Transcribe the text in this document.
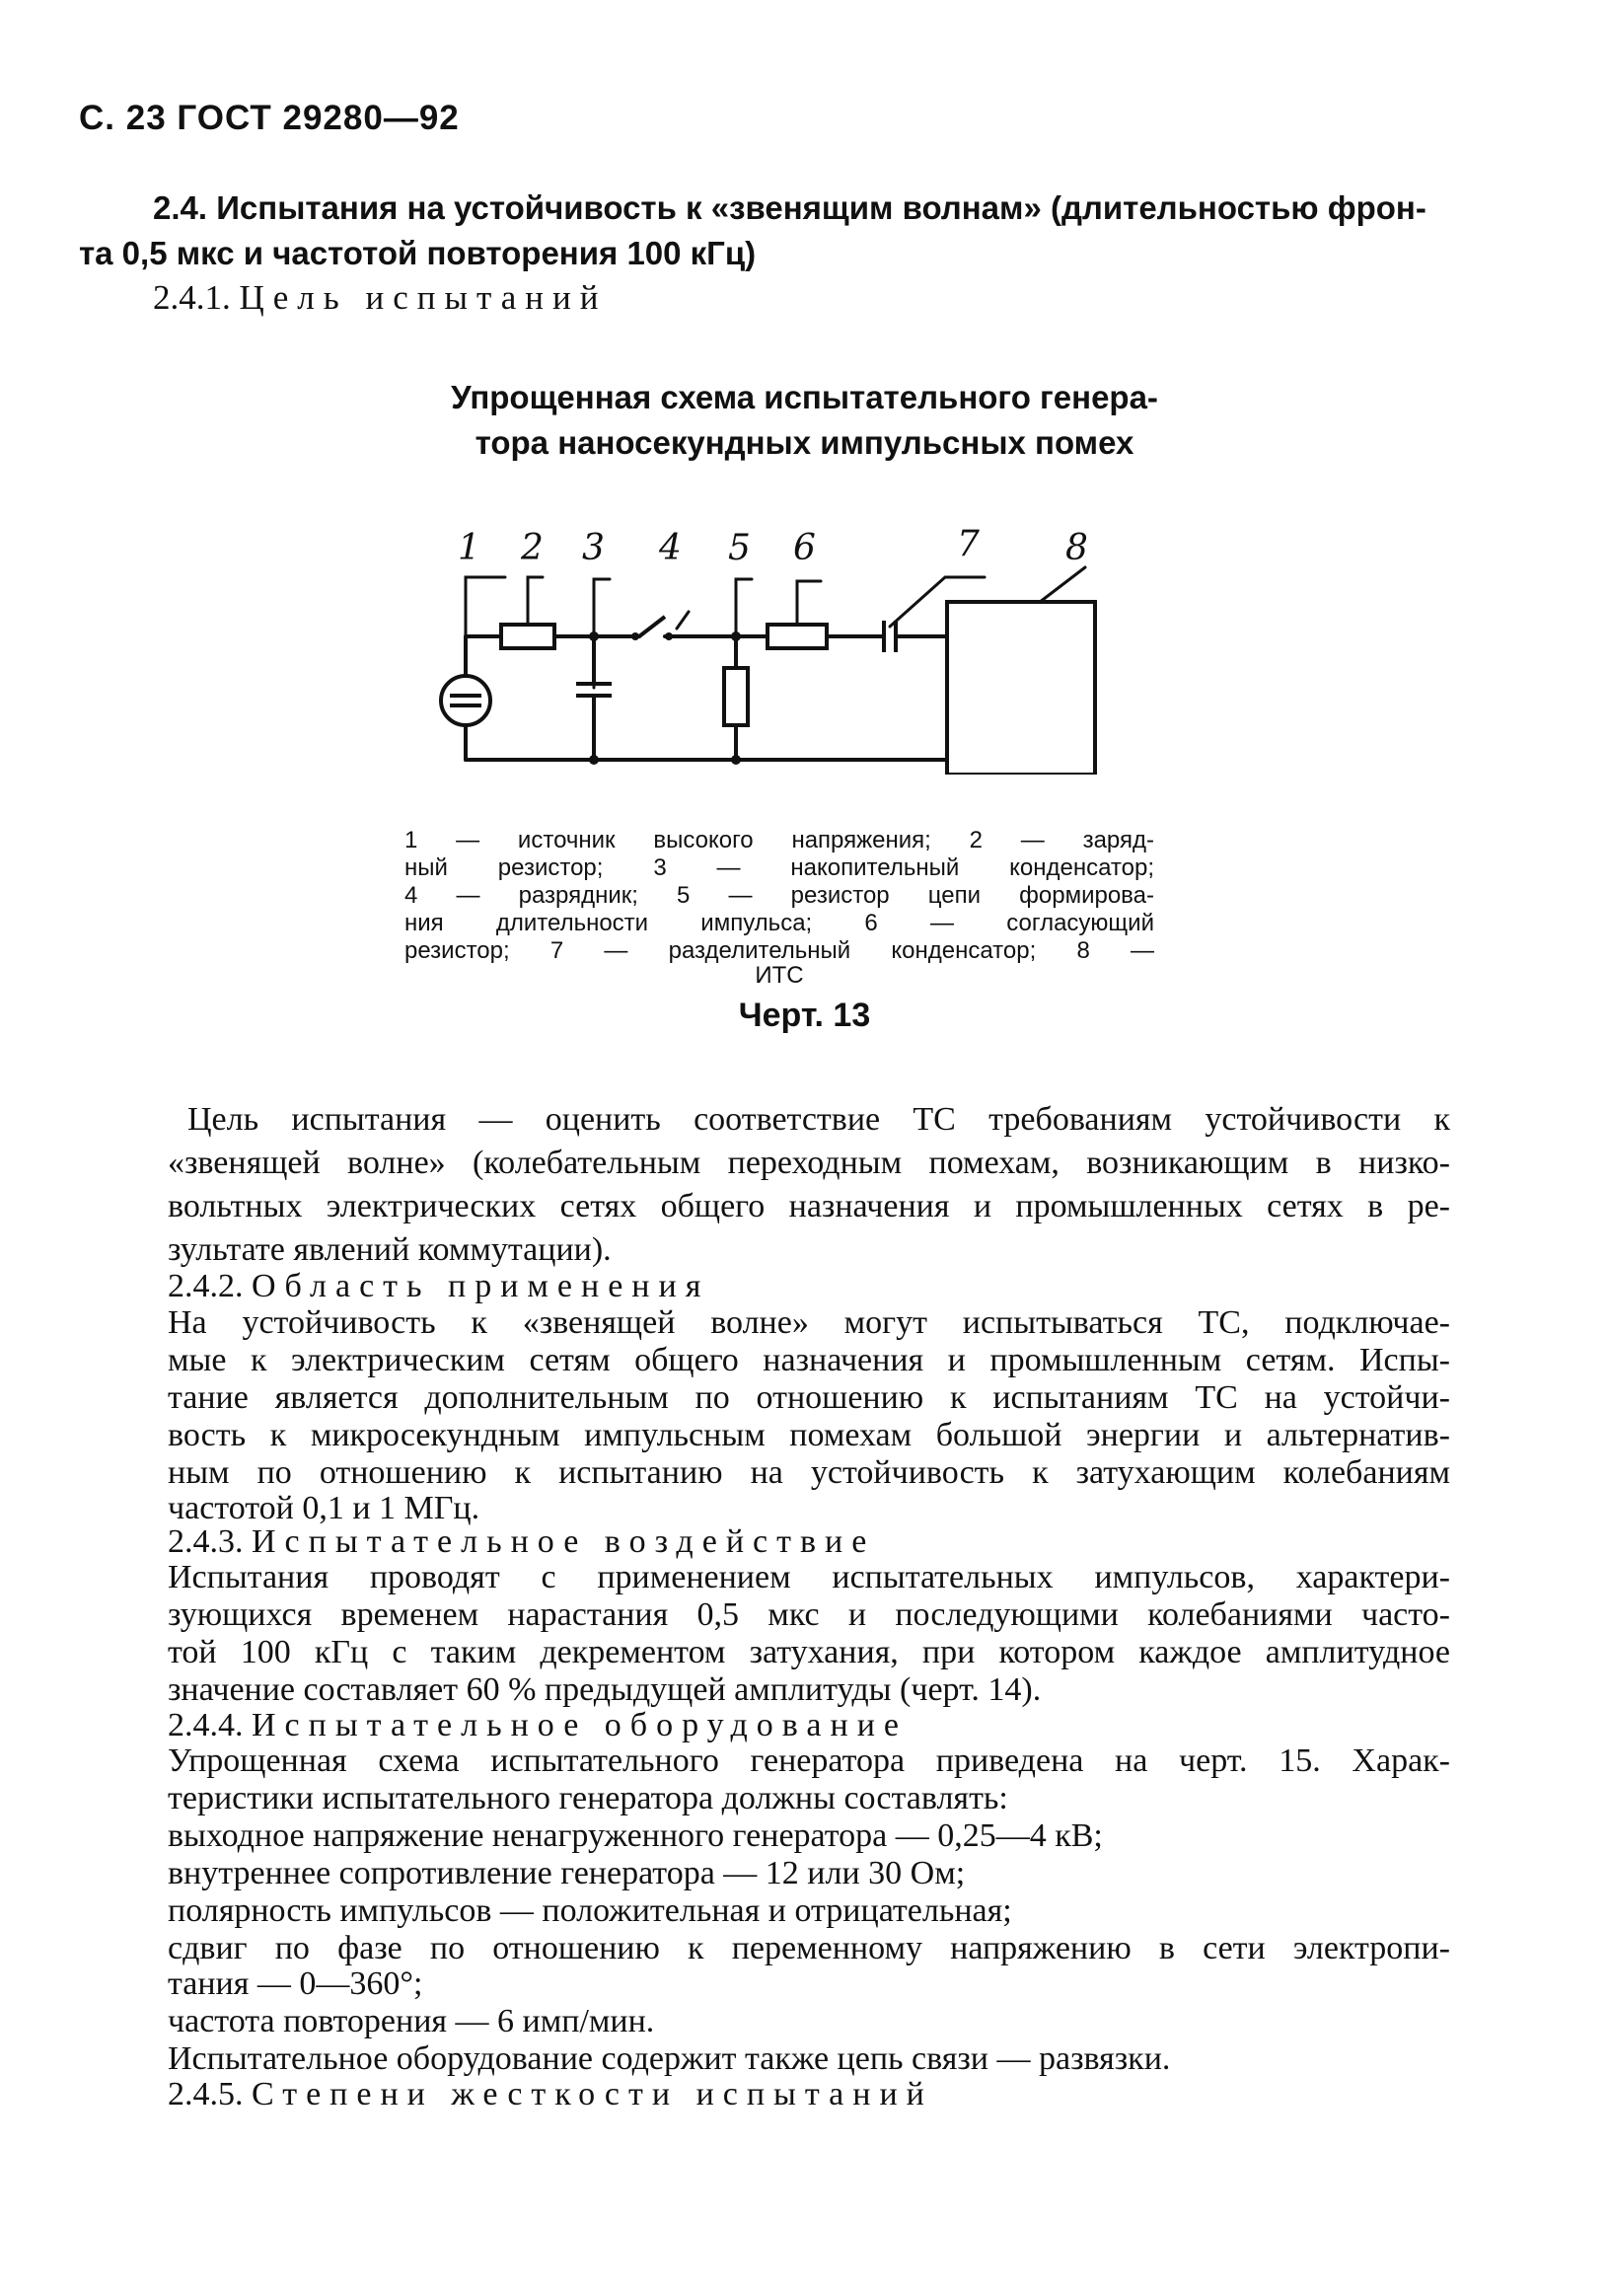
С. 23 ГОСТ 29280—92
2.4. Испытания на устойчивость к «звенящим волнам» (длительностью фрон-
та 0,5 мкс и частотой повторения 100 кГц)
2.4.1. Цель испытаний
Упрощенная схема испытательного генера-
тора наносекундных импульсных помех
1 2 3 4 5 6	7 8
1 — источник высокого напряжения; 2 — заряд-
ный резистор; 3 — накопительный конденсатор;
4 — разрядник; 5 — резистор цепи формирова-
ния длительности импульса; 6 — согласующий
резистор; 7 — разделительный конденсатор; 8 —
ИТС
Черт. 13
Цель испытания — оценить соответствие ТС требованиям устойчивости к
«звенящей волне» (колебательным переходным помехам, возникающим в низко-
вольтных электрических сетях общего назначения и промышленных сетях в ре-
зультате явлений коммутации).
2.4.2. Область применения
На устойчивость к «звенящей волне» могут испытываться ТС, подключае-
мые к электрическим сетям общего назначения и промышленным сетям. Испы-
тание является дополнительным по отношению к испытаниям ТС на устойчи-
вость к микросекундным импульсным помехам большой энергии и альтернатив-
ным по отношению к испытанию на устойчивость к затухающим колебаниям
частотой 0,1 и 1 МГц.
2.4.3. Испытательное воздействие
Испытания проводят с применением испытательных импульсов, характери-
зующихся временем нарастания 0,5 мкс и последующими колебаниями часто-
той 100 кГц с таким декрементом затухания, при котором каждое амплитудное
значение составляет 60 % предыдущей амплитуды (черт. 14).
2.4.4. Испытательное оборудование
Упрощенная схема испытательного генератора приведена на черт. 15. Харак-
теристики испытательного генератора должны составлять:
выходное напряжение ненагруженного генератора — 0,25—4 кВ;
внутреннее сопротивление генератора — 12 или 30 Ом;
полярность импульсов — положительная и отрицательная;
сдвиг по фазе по отношению к переменному напряжению в сети электропи-
тания — 0—360°;
частота повторения — 6 имп/мин.
Испытательное оборудование содержит также цепь связи — развязки.
2.4.5. Степени жесткости испытаний
